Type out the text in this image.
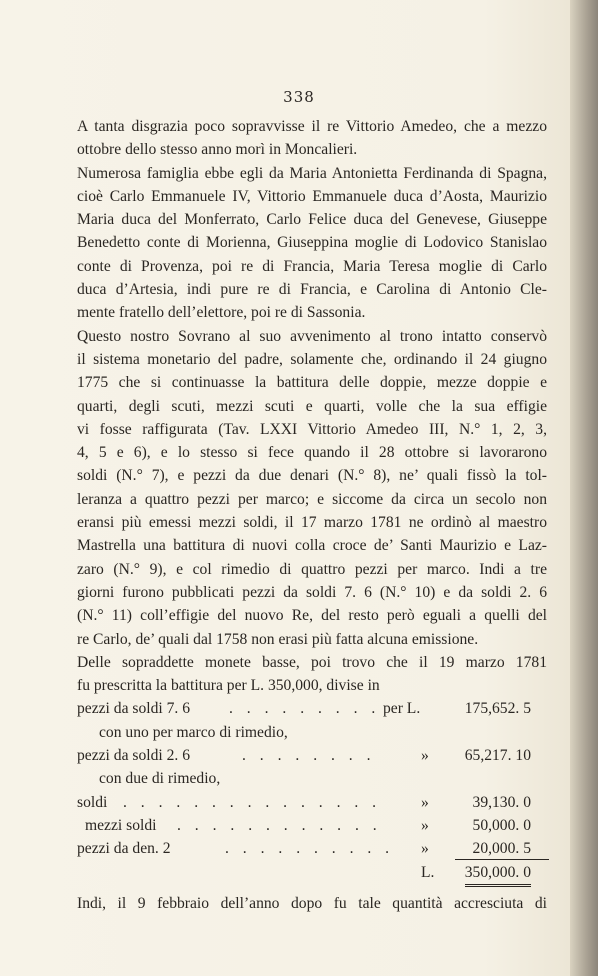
338
A tanta disgrazia poco sopravvisse il re Vittorio Amedeo, che a mezzo
ottobre dello stesso anno morì in Moncalieri.
Numerosa famiglia ebbe egli da Maria Antonietta Ferdinanda di Spagna,
cioè Carlo Emmanuele IV, Vittorio Emmanuele duca d’Aosta, Maurizio
Maria duca del Monferrato, Carlo Felice duca del Genevese, Giuseppe
Benedetto conte di Morienna, Giuseppina moglie di Lodovico Stanislao
conte di Provenza, poi re di Francia, Maria Teresa moglie di Carlo
duca d’Artesia, indi pure re di Francia, e Carolina di Antonio Cle-
mente fratello dell’elettore, poi re di Sassonia.
Questo nostro Sovrano al suo avvenimento al trono intatto conservò
il sistema monetario del padre, solamente che, ordinando il 24 giugno
1775 che si continuasse la battitura delle doppie, mezze doppie e
quarti, degli scuti, mezzi scuti e quarti, volle che la sua effigie
vi fosse raffigurata (Tav. LXXI Vittorio Amedeo III, N.° 1, 2, 3,
4, 5 e 6), e lo stesso si fece quando il 28 ottobre si lavorarono
soldi (N.° 7), e pezzi da due denari (N.° 8), ne’ quali fissò la tol-
leranza a quattro pezzi per marco; e siccome da circa un secolo non
eransi più emessi mezzi soldi, il 17 marzo 1781 ne ordinò al maestro
Mastrella una battitura di nuovi colla croce de’ Santi Maurizio e Laz-
zaro (N.° 9), e col rimedio di quattro pezzi per marco. Indi a tre
giorni furono pubblicati pezzi da soldi 7. 6 (N.° 10) e da soldi 2. 6
(N.° 11) coll’effigie del nuovo Re, del resto però eguali a quelli del
re Carlo, de’ quali dal 1758 non erasi più fatta alcuna emissione.
Delle sopraddette monete basse, poi trovo che il 19 marzo 1781
fu prescritta la battitura per L. 350,000, divise in
pezzi da soldi 7. 6 . . . . . . . . . per L.	175,652. 5
con uno per marco di rimedio,
pezzi da soldi 2. 6	. . . . . . . .	» 65,217. 10
con due di rimedio,
soldi . . . . . . . . . . . . . . .	»	39,130. 0
mezzi soldi . . . . . . . . . . . .	»	50,000. 0
pezzi da den. 2	. . . . . . . . . . »	20,000. 5
L. 350,000. 0
Indi, il 9 febbraio dell’anno dopo fu tale quantità accresciuta di
